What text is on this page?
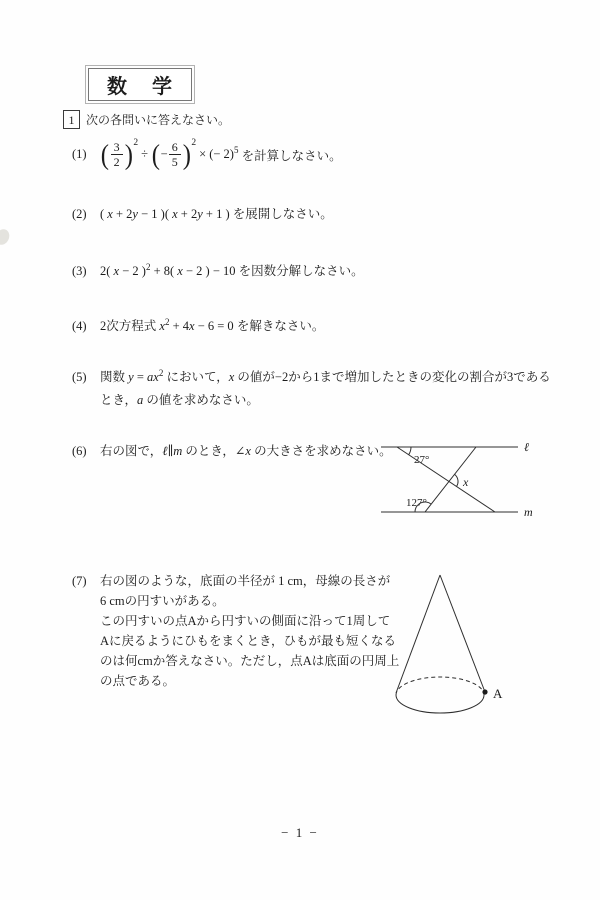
数 学
1 次の各問いに答えなさい。
(1) ( $\frac{3}{2}$ ) 2
÷ ( − $\frac{6}{5}$ ) 2
× (− 2) 5 を計算しなさい。
(2)	( x + 2y − 1 )( x + 2y + 1 ) を展開しなさい。
(3)	2( x − 2 )$^2$ + 8( x − 2 ) − 10 を因数分解しなさい。
(4)	2次方程式 $x^2 + 4x - 6 = 0$ を解きなさい。
(5)	関数 $y = ax^2$ において，x の値が−2から1まで増加したときの変化の割合が3である
とき，a の値を求めなさい。
(6)	右の図で，ℓ∥m のとき，∠x の大きさを求めなさい。
27°
127°
x
ℓ
m
(7)	右の図のような，底面の半径が 1 cm，母線の長さが
6 cmの円すいがある。
この円すいの点Aから円すいの側面に沿って1周して
Aに戻るようにひもをまくとき，ひもが最も短くなる
のは何cmか答えなさい。ただし，点Aは底面の円周上
の点である。
A
− 1 −
